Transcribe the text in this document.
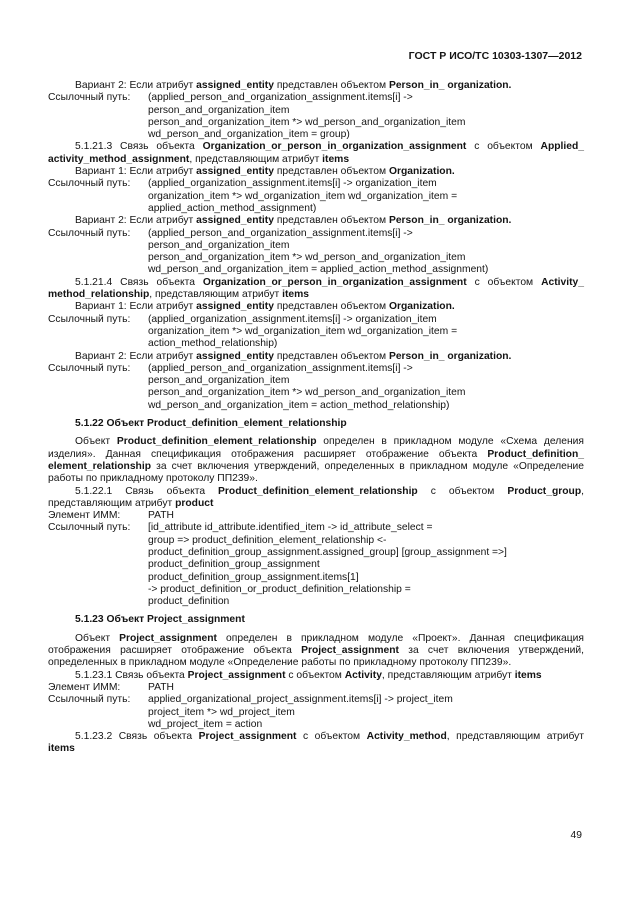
ГОСТ Р ИСО/ТС 10303-1307—2012

Вариант 2: Если атрибут assigned_entity представлен объектом Person_in_ organization.

Ссылочный путь:	(applied_person_and_organization_assignment.items[i] ->
person_and_organization_item
person_and_organization_item *> wd_person_and_organization_item
wd_person_and_organization_item = group)

5.1.21.3 Связь объекта Organization_or_person_in_organization_assignment с объектом Applied_ activity_method_assignment, представляющим атрибут items

Вариант 1: Если атрибут assigned_entity представлен объектом Organization.

Ссылочный путь:	(applied_organization_assignment.items[i] -> organization_item
organization_item *> wd_organization_item wd_organization_item =
applied_action_method_assignment)

Вариант 2: Если атрибут assigned_entity представлен объектом Person_in_ organization.

Ссылочный путь:	(applied_person_and_organization_assignment.items[i] ->
person_and_organization_item
person_and_organization_item *> wd_person_and_organization_item
wd_person_and_organization_item = applied_action_method_assignment)

5.1.21.4 Связь объекта Organization_or_person_in_organization_assignment с объектом Activity_ method_relationship, представляющим атрибут items

Вариант 1: Если атрибут assigned_entity представлен объектом Organization.

Ссылочный путь:	(applied_organization_assignment.items[i] -> organization_item
organization_item *> wd_organization_item wd_organization_item =
action_method_relationship)

Вариант 2: Если атрибут assigned_entity представлен объектом Person_in_ organization.

Ссылочный путь:	(applied_person_and_organization_assignment.items[i] ->
person_and_organization_item
person_and_organization_item *> wd_person_and_organization_item
wd_person_and_organization_item = action_method_relationship)
5.1.22 Объект Product_definition_element_relationship

Объект Product_definition_element_relationship определен в прикладном модуле «Схема деления изделия». Данная спецификация отображения расширяет отображение объекта Product_definition_ element_relationship за счет включения утверждений, определенных в прикладном модуле «Определение работы по прикладному протоколу ПП239».

5.1.22.1 Связь объекта Product_definition_element_relationship с объектом Product_group, представляющим атрибут product

Элемент ИММ:	PATH
Ссылочный путь:	[id_attribute id_attribute.identified_item -> id_attribute_select =
group => product_definition_element_relationship <-
product_definition_group_assignment.assigned_group] [group_assignment =>]
product_definition_group_assignment
product_definition_group_assignment.items[1]
-> product_definition_or_product_definition_relationship =
product_definition
5.1.23 Объект Project_assignment

Объект Project_assignment определен в прикладном модуле «Проект». Данная спецификация отображения расширяет отображение объекта Project_assignment за счет включения утверждений, определенных в прикладном модуле «Определение работы по прикладному протоколу ПП239».

5.1.23.1 Связь объекта Project_assignment с объектом Activity, представляющим атрибут items

Элемент ИММ:	PATH
Ссылочный путь:	applied_organizational_project_assignment.items[i] -> project_item
project_item *> wd_project_item
wd_project_item = action

5.1.23.2 Связь объекта Project_assignment с объектом Activity_method, представляющим атрибут items

49
